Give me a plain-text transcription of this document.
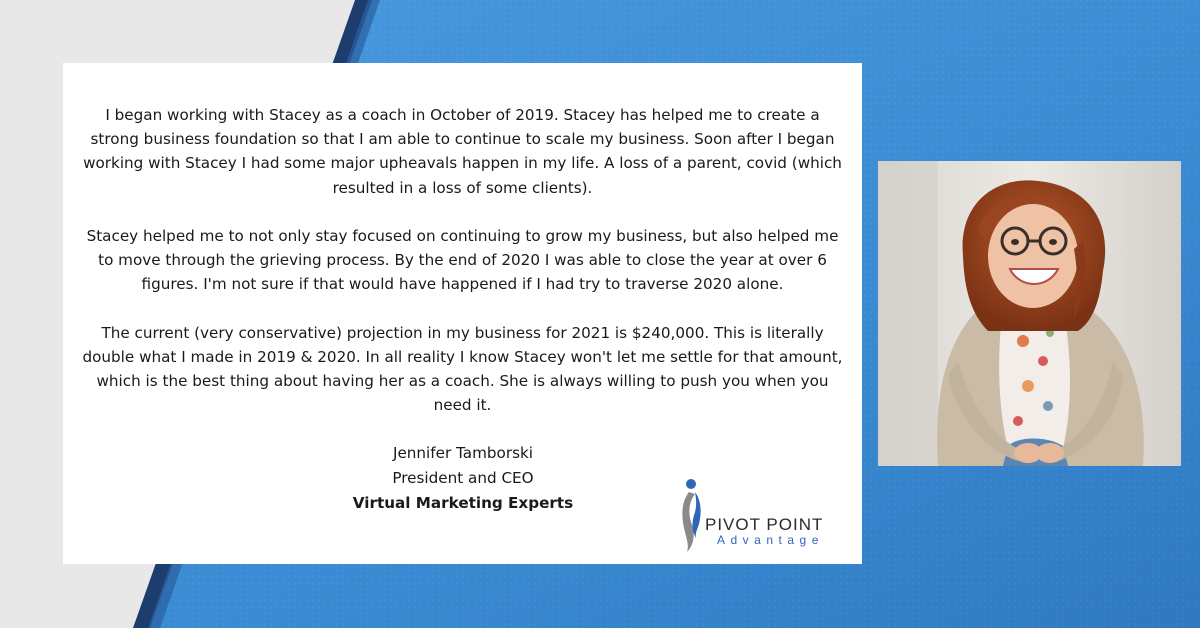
I began working with Stacey as a coach in October of 2019. Stacey has helped me to create a strong business foundation so that I am able to continue to scale my business. Soon after I began working with Stacey I had some major upheavals happen in my life. A loss of a parent, covid (which resulted in a loss of some clients).

Stacey helped me to not only stay focused on continuing to grow my business, but also helped me to move through the grieving process. By the end of 2020 I was able to close the year at over 6 figures. I'm not sure if that would have happened if I had try to traverse 2020 alone.

The current (very conservative) projection in my business for 2021 is $240,000. This is literally double what I made in 2019 & 2020. In all reality I know Stacey won't let me settle for that amount, which is the best thing about having her as a coach. She is always willing to push you when you need it.

Jennifer Tamborski
President and CEO
Virtual Marketing Experts
PIVOT POINT
Advantage
